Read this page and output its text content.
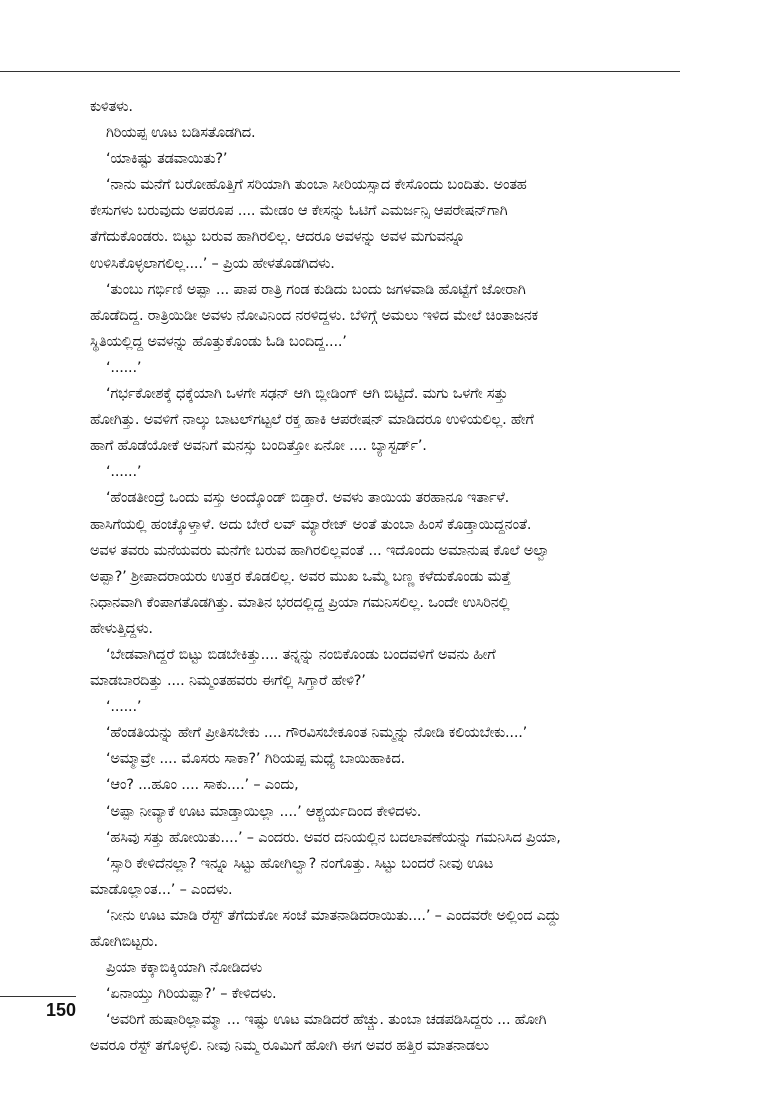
ಕುಳಿತಳು.
ಗಿರಿಯಪ್ಪ ಊಟ ಬಡಿಸತೊಡಗಿದ.
‘ಯಾಕಿಷ್ಟು ತಡವಾಯಿತು?’
‘ನಾನು ಮನೆಗೆ ಬರೋಹೊತ್ತಿಗೆ ಸರಿಯಾಗಿ ತುಂಬಾ ಸೀರಿಯಸ್ಸಾದ ಕೇಸೊಂದು ಬಂದಿತು. ಅಂತಹ
ಕೇಸುಗಳು ಬರುವುದು ಅಪರೂಪ .... ಮೇಡಂ ಆ ಕೇಸನ್ನು ಓಟಿಗೆ ಎಮರ್ಜನ್ಸಿ ಆಪರೇಷನ್‌ಗಾಗಿ
ತೆಗೆದುಕೊಂಡರು. ಬಿಟ್ಟು ಬರುವ ಹಾಗಿರಲಿಲ್ಲ. ಆದರೂ ಅವಳನ್ನು ಅವಳ ಮಗುವನ್ನೂ
ಉಳಿಸಿಕೊಳ್ಳಲಾಗಲಿಲ್ಲ....’ – ಪ್ರಿಯ ಹೇಳತೊಡಗಿದಳು.
‘ತುಂಬು ಗರ್ಭಿಣಿ ಅಪ್ಪಾ ... ಪಾಪ ರಾತ್ರಿ ಗಂಡ ಕುಡಿದು ಬಂದು ಜಗಳವಾಡಿ ಹೊಟ್ಟೆಗೆ ಜೋರಾಗಿ
ಹೊಡೆದಿದ್ದ. ರಾತ್ರಿಯಿಡೀ ಅವಳು ನೋವಿನಿಂದ ನರಳಿದ್ದಳು. ಬೆಳಿಗ್ಗೆ ಅಮಲು ಇಳಿದ ಮೇಲೆ ಚಿಂತಾಜನಕ
ಸ್ಥಿತಿಯಲ್ಲಿದ್ದ ಅವಳನ್ನು ಹೊತ್ತುಕೊಂಡು ಓಡಿ ಬಂದಿದ್ದ....’
‘......’
‘ಗರ್ಭಕೋಶಕ್ಕೆ ಧಕ್ಕೆಯಾಗಿ ಒಳಗೇ ಸಢನ್ ಆಗಿ ಬ್ಲೀಡಿಂಗ್ ಆಗಿ ಬಿಟ್ಟಿದೆ. ಮಗು ಒಳಗೇ ಸತ್ತು
ಹೋಗಿತ್ತು. ಅವಳಿಗೆ ನಾಲ್ಕು ಬಾಟಲ್‌ಗಟ್ಟಲೆ ರಕ್ತ ಹಾಕಿ ಆಪರೇಷನ್ ಮಾಡಿದರೂ ಉಳಿಯಲಿಲ್ಲ. ಹೇಗೆ
ಹಾಗೆ ಹೊಡೆಯೋಕೆ ಅವನಿಗೆ ಮನಸ್ಸು ಬಂದಿತ್ತೋ ಏನೋ .... ಬ್ಯಾಸ್ಟರ್ಡ್’.
‘......’
‘ಹೆಂಡತೀಂದ್ರೆ ಒಂದು ವಸ್ತು ಅಂದ್ಕೊಂಡ್ ಬಿಡ್ತಾರೆ. ಅವಳು ತಾಯಿಯ ತರಹಾನೂ ಇರ್ತಾಳೆ.
ಹಾಸಿಗೆಯಲ್ಲಿ ಹಂಚ್ಕೊಳ್ತಾಳೆ. ಅದು ಬೇರೆ ಲವ್ ಮ್ಯಾರೇಜ್ ಅಂತೆ ತುಂಬಾ ಹಿಂಸೆ ಕೊಡ್ತಾಯಿದ್ದನಂತೆ.
ಅವಳ ತವರು ಮನೆಯವರು ಮನೆಗೇ ಬರುವ ಹಾಗಿರಲಿಲ್ಲವಂತೆ ... ಇದೊಂದು ಅಮಾನುಷ ಕೊಲೆ ಅಲ್ವಾ
ಅಪ್ಪಾ?’ ಶ್ರೀಪಾದರಾಯರು ಉತ್ತರ ಕೊಡಲಿಲ್ಲ. ಅವರ ಮುಖ ಒಮ್ಮೆ ಬಣ್ಣ ಕಳೆದುಕೊಂಡು ಮತ್ತೆ
ನಿಧಾನವಾಗಿ ಕೆಂಪಾಗತೊಡಗಿತ್ತು. ಮಾತಿನ ಭರದಲ್ಲಿದ್ದ ಪ್ರಿಯಾ ಗಮನಿಸಲಿಲ್ಲ. ಒಂದೇ ಉಸಿರಿನಲ್ಲಿ
ಹೇಳುತ್ತಿದ್ದಳು.
‘ಬೇಡವಾಗಿದ್ದರೆ ಬಿಟ್ಟು ಬಿಡಬೇಕಿತ್ತು.... ತನ್ನನ್ನು ನಂಬಿಕೊಂಡು ಬಂದವಳಿಗೆ ಅವನು ಹೀಗೆ
ಮಾಡಬಾರದಿತ್ತು .... ನಿಮ್ಮಂತಹವರು ಈಗೆಲ್ಲಿ ಸಿಗ್ತಾರೆ ಹೇಳಿ?’
‘......’
‘ಹೆಂಡತಿಯನ್ನು ಹೇಗೆ ಪ್ರೀತಿಸಬೇಕು .... ಗೌರವಿಸಬೇಕೂಂತ ನಿಮ್ಮನ್ನು ನೋಡಿ ಕಲಿಯಬೇಕು....’
‘ಅಮ್ಮಾವ್ರೇ .... ಮೊಸರು ಸಾಕಾ?’ ಗಿರಿಯಪ್ಪ ಮಧ್ಯೆ ಬಾಯಿಹಾಕಿದ.
‘ಆಂ? ...ಹೂಂ .... ಸಾಕು....’ – ಎಂದು,
‘ಅಪ್ಪಾ ನೀವ್ಯಾಕೆ ಊಟ ಮಾಡ್ತಾಯಿಲ್ಲಾ ....’ ಆಶ್ಚರ್ಯದಿಂದ ಕೇಳಿದಳು.
‘ಹಸಿವು ಸತ್ತು ಹೋಯಿತು....’ – ಎಂದರು. ಅವರ ದನಿಯಲ್ಲಿನ ಬದಲಾವಣೆಯನ್ನು ಗಮನಿಸಿದ ಪ್ರಿಯಾ,
‘ಸ್ಸಾರಿ ಕೇಳಿದೆನಲ್ಲಾ? ಇನ್ನೂ ಸಿಟ್ಟು ಹೋಗಿಲ್ವಾ? ನಂಗೊತ್ತು. ಸಿಟ್ಟು ಬಂದರೆ ನೀವು ಊಟ
ಮಾಡೊಲ್ಲಾಂತ...’ – ಎಂದಳು.
‘ನೀನು ಊಟ ಮಾಡಿ ರೆಸ್ಟ್ ತೆಗೆದುಕೋ ಸಂಜೆ ಮಾತನಾಡಿದರಾಯಿತು....’ – ಎಂದವರೇ ಅಲ್ಲಿಂದ ಎದ್ದು
ಹೋಗಿಬಿಟ್ಟರು.
ಪ್ರಿಯಾ ಕಕ್ಕಾಬಿಕ್ಕಿಯಾಗಿ ನೋಡಿದಳು
‘ಏನಾಯ್ತು ಗಿರಿಯಪ್ಪಾ?’ – ಕೇಳಿದಳು.
‘ಅವರಿಗೆ ಹುಷಾರಿಲ್ಲಾಮ್ಮಾ ... ಇಷ್ಟು ಊಟ ಮಾಡಿದರೆ ಹೆಚ್ಚು. ತುಂಬಾ ಚಡಪಡಿಸಿದ್ದರು ... ಹೋಗಿ
ಅವರೂ ರೆಸ್ಟ್ ತಗೊಳ್ಳಲಿ. ನೀವು ನಿಮ್ಮ ರೂಮಿಗೆ ಹೋಗಿ ಈಗ ಅವರ ಹತ್ತಿರ ಮಾತನಾಡಲು
150
